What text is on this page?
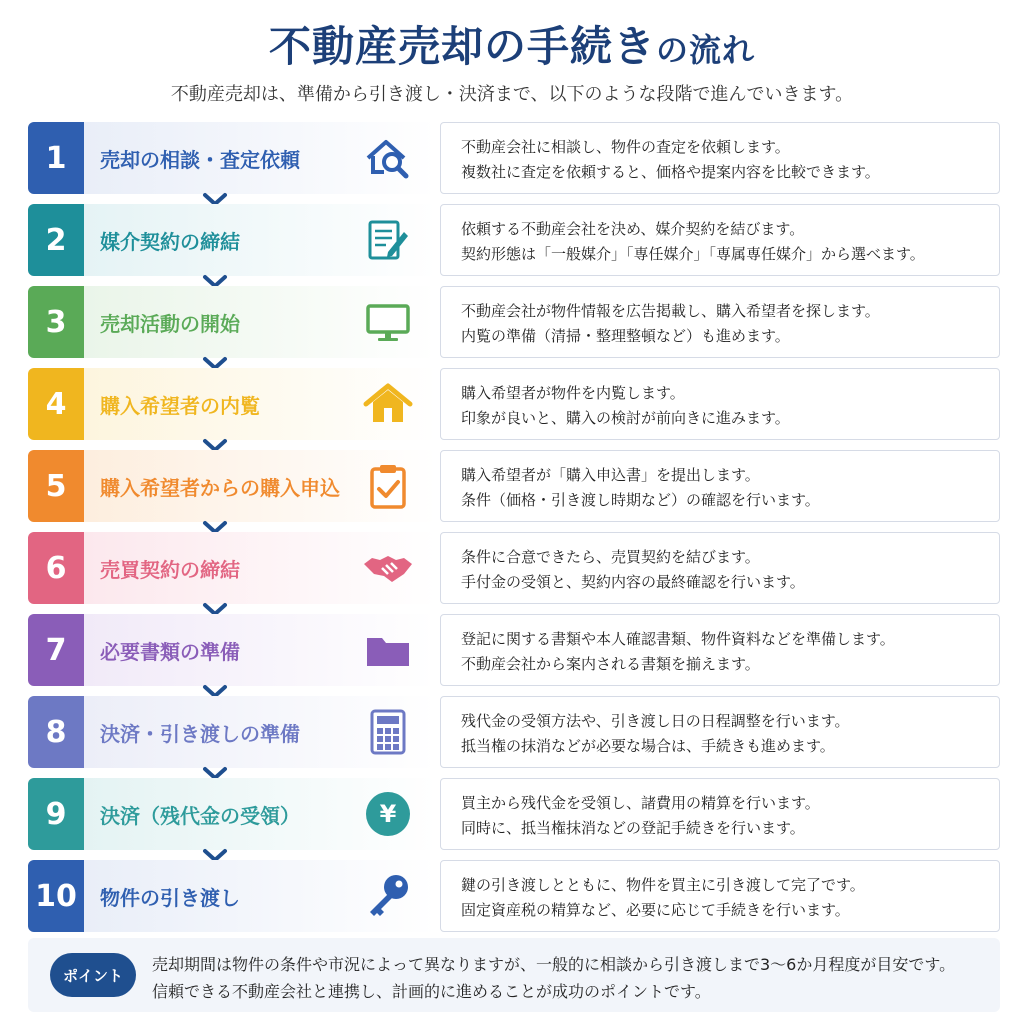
不動産売却の手続きの流れ
不動産売却は、準備から引き渡し・決済まで、以下のような段階で進んでいきます。
1	売却の相談・査定依頼

不動産会社に相談し、物件の査定を依頼します。

複数社に査定を依頼すると、価格や提案内容を比較できます。

2	媒介契約の締結

依頼する不動産会社を決め、媒介契約を結びます。

契約形態は「一般媒介」「専任媒介」「専属専任媒介」から選べます。

3	売却活動の開始

不動産会社が物件情報を広告掲載し、購入希望者を探します。

内覧の準備（清掃・整理整頓など）も進めます。

4	購入希望者の内覧

購入希望者が物件を内覧します。

印象が良いと、購入の検討が前向きに進みます。

5	購入希望者からの購入申込

購入希望者が「購入申込書」を提出します。

条件（価格・引き渡し時期など）の確認を行います。

6	売買契約の締結

条件に合意できたら、売買契約を結びます。

手付金の受領と、契約内容の最終確認を行います。

7	必要書類の準備

登記に関する書類や本人確認書類、物件資料などを準備します。

不動産会社から案内される書類を揃えます。

8	決済・引き渡しの準備

残代金の受領方法や、引き渡し日の日程調整を行います。

抵当権の抹消などが必要な場合は、手続きも進めます。

9	決済（残代金の受領）	¥	買主から残代金を受領し、諸費用の精算を行います。

同時に、抵当権抹消などの登記手続きを行います。

10	物件の引き渡し

鍵の引き渡しとともに、物件を買主に引き渡して完了です。

固定資産税の精算など、必要に応じて手続きを行います。

ポイント

売却期間は物件の条件や市況によって異なりますが、一般的に相談から引き渡しまで3〜6か月程度が目安です。

信頼できる不動産会社と連携し、計画的に進めることが成功のポイントです。
